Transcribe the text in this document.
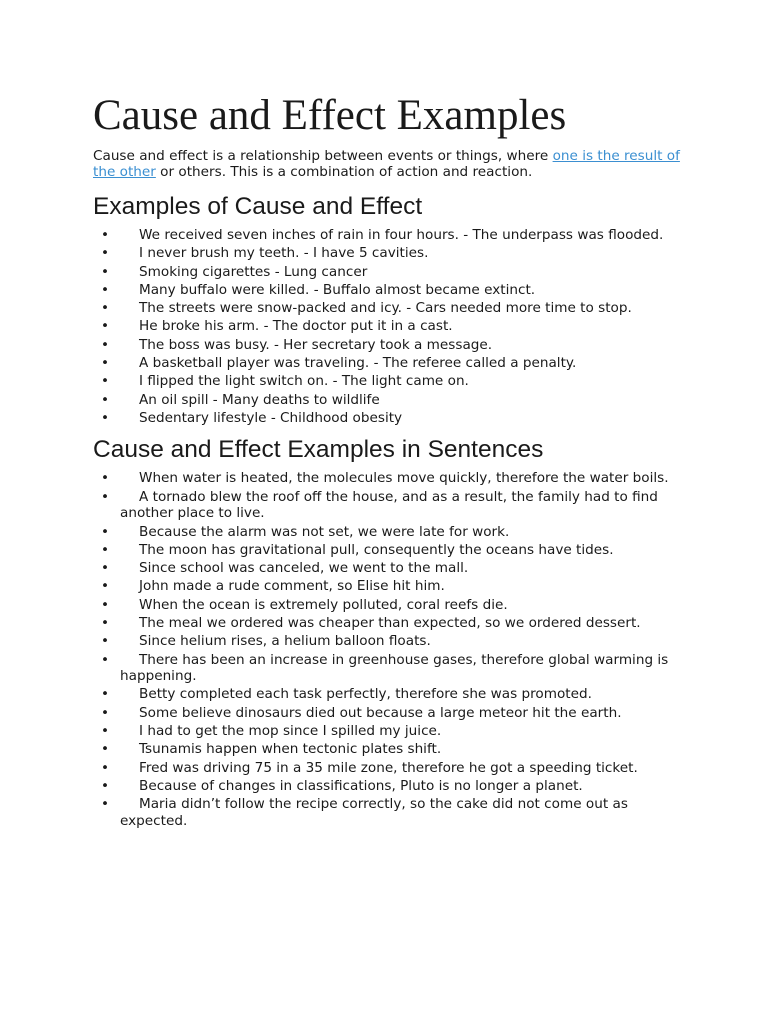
Cause and Effect Examples

Cause and effect is a relationship between events or things, where one is the result of the other or others. This is a combination of action and reaction.

Examples of Cause and Effect
• We received seven inches of rain in four hours. - The underpass was flooded.
• I never brush my teeth. - I have 5 cavities.
• Smoking cigarettes - Lung cancer
• Many buffalo were killed. - Buffalo almost became extinct.
• The streets were snow-packed and icy. - Cars needed more time to stop.
• He broke his arm. - The doctor put it in a cast.
• The boss was busy. - Her secretary took a message.
• A basketball player was traveling. - The referee called a penalty.
• I flipped the light switch on. - The light came on.
• An oil spill - Many deaths to wildlife
• Sedentary lifestyle - Childhood obesity
Cause and Effect Examples in Sentences
• When water is heated, the molecules move quickly, therefore the water boils.
• A tornado blew the roof off the house, and as a result, the family had to find another place to live.
• Because the alarm was not set, we were late for work.
• The moon has gravitational pull, consequently the oceans have tides.
• Since school was canceled, we went to the mall.
• John made a rude comment, so Elise hit him.
• When the ocean is extremely polluted, coral reefs die.
• The meal we ordered was cheaper than expected, so we ordered dessert.
• Since helium rises, a helium balloon floats.
• There has been an increase in greenhouse gases, therefore global warming is happening.
• Betty completed each task perfectly, therefore she was promoted.
• Some believe dinosaurs died out because a large meteor hit the earth.
• I had to get the mop since I spilled my juice.
• Tsunamis happen when tectonic plates shift.
• Fred was driving 75 in a 35 mile zone, therefore he got a speeding ticket.
• Because of changes in classifications, Pluto is no longer a planet.
• Maria didn’t follow the recipe correctly, so the cake did not come out as expected.
